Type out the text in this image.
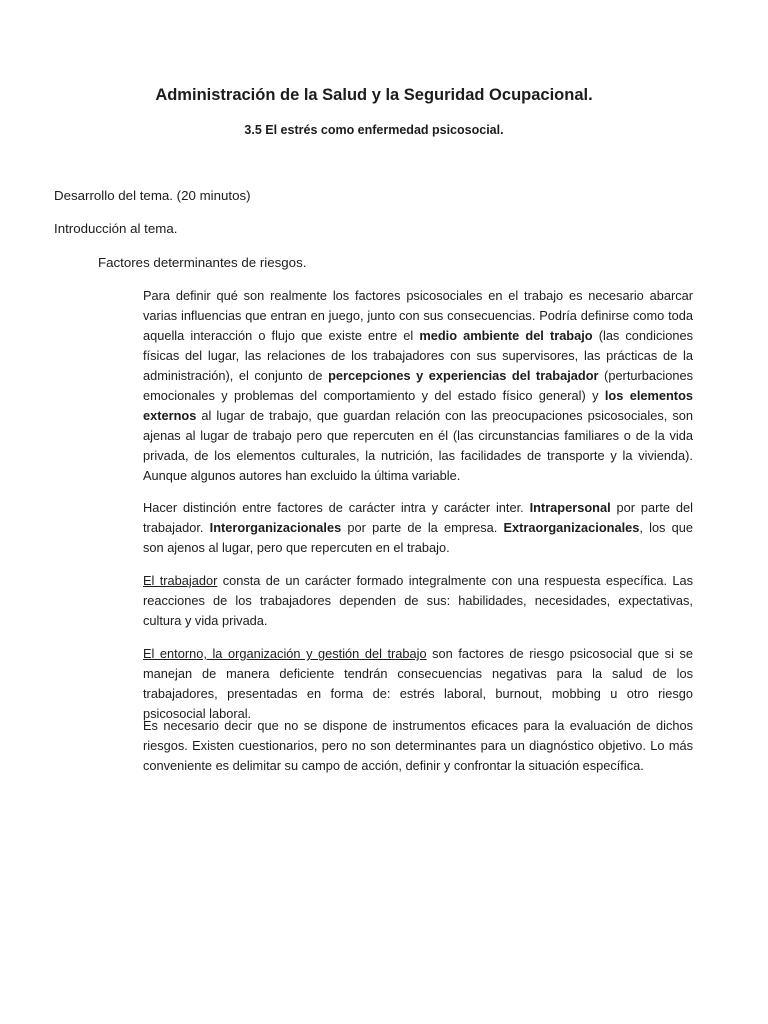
Administración de la Salud y la Seguridad Ocupacional.
3.5 El estrés como enfermedad psicosocial.

Desarrollo del tema. (20 minutos)

Introducción al tema.

Factores determinantes de riesgos.

Para definir qué son realmente los factores psicosociales en el trabajo es necesario abarcar varias influencias que entran en juego, junto con sus consecuencias. Podría definirse como toda aquella interacción o flujo que existe entre el medio ambiente del trabajo (las condiciones físicas del lugar, las relaciones de los trabajadores con sus supervisores, las prácticas de la administración), el conjunto de percepciones y experiencias del trabajador (perturbaciones emocionales y problemas del comportamiento y del estado físico general) y los elementos externos al lugar de trabajo, que guardan relación con las preocupaciones psicosociales, son ajenas al lugar de trabajo pero que repercuten en él (las circunstancias familiares o de la vida privada, de los elementos culturales, la nutrición, las facilidades de transporte y la vivienda). Aunque algunos autores han excluido la última variable.

Hacer distinción entre factores de carácter intra y carácter inter. Intrapersonal por parte del trabajador. Interorganizacionales por parte de la empresa. Extraorganizacionales, los que son ajenos al lugar, pero que repercuten en el trabajo.

El trabajador consta de un carácter formado integralmente con una respuesta específica. Las reacciones de los trabajadores dependen de sus: habilidades, necesidades, expectativas, cultura y vida privada.

El entorno, la organización y gestión del trabajo son factores de riesgo psicosocial que si se manejan de manera deficiente tendrán consecuencias negativas para la salud de los trabajadores, presentadas en forma de: estrés laboral, burnout, mobbing u otro riesgo psicosocial laboral.

Es necesario decir que no se dispone de instrumentos eficaces para la evaluación de dichos riesgos. Existen cuestionarios, pero no son determinantes para un diagnóstico objetivo. Lo más conveniente es delimitar su campo de acción, definir y confrontar la situación específica.
